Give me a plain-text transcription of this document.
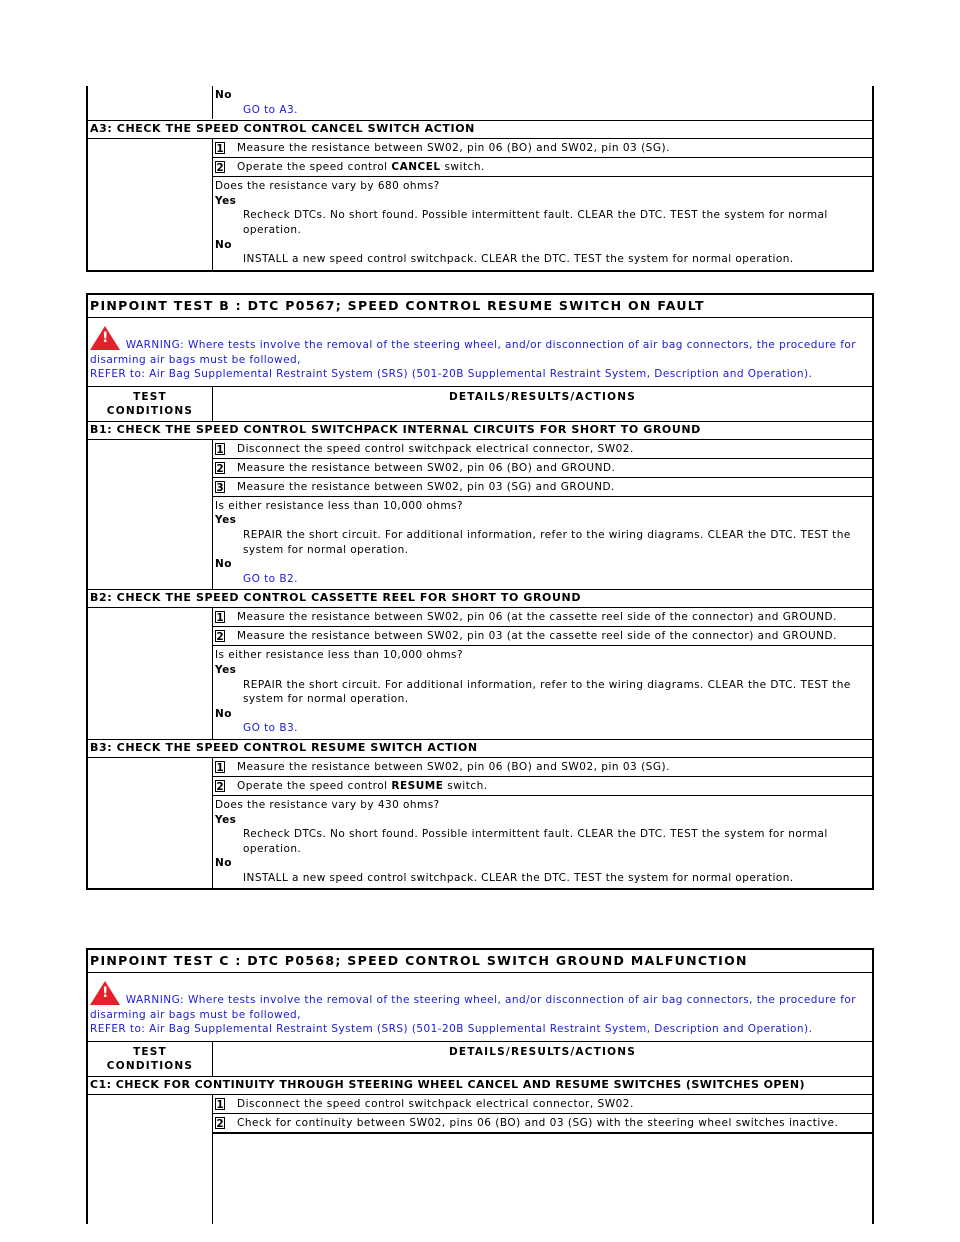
No
GO to A3.
A3: CHECK THE SPEED CONTROL CANCEL SWITCH ACTION
1	Measure the resistance between SW02, pin 06 (BO) and SW02, pin 03 (SG).
2	Operate the speed control CANCEL switch.
Does the resistance vary by 680 ohms?
Yes
Recheck DTCs. No short found. Possible intermittent fault. CLEAR the DTC. TEST the system for normal operation.
No
INSTALL a new speed control switchpack. CLEAR the DTC. TEST the system for normal operation.
PINPOINT TEST B : DTC P0567; SPEED CONTROL RESUME SWITCH ON FAULT
! WARNING: Where tests involve the removal of the steering wheel, and/or disconnection of air bag connectors, the procedure for disarming air bags must be followed,
REFER to: Air Bag Supplemental Restraint System (SRS) (501-20B Supplemental Restraint System, Description and Operation).
TEST CONDITIONS
DETAILS/RESULTS/ACTIONS
B1: CHECK THE SPEED CONTROL SWITCHPACK INTERNAL CIRCUITS FOR SHORT TO GROUND
1	Disconnect the speed control switchpack electrical connector, SW02.
2	Measure the resistance between SW02, pin 06 (BO) and GROUND.
3	Measure the resistance between SW02, pin 03 (SG) and GROUND.
Is either resistance less than 10,000 ohms?
Yes
REPAIR the short circuit. For additional information, refer to the wiring diagrams. CLEAR the DTC. TEST the system for normal operation.
No
GO to B2.
B2: CHECK THE SPEED CONTROL CASSETTE REEL FOR SHORT TO GROUND
1	Measure the resistance between SW02, pin 06 (at the cassette reel side of the connector) and GROUND.
2	Measure the resistance between SW02, pin 03 (at the cassette reel side of the connector) and GROUND.
Is either resistance less than 10,000 ohms?
Yes
REPAIR the short circuit. For additional information, refer to the wiring diagrams. CLEAR the DTC. TEST the system for normal operation.
No
GO to B3.
B3: CHECK THE SPEED CONTROL RESUME SWITCH ACTION
1	Measure the resistance between SW02, pin 06 (BO) and SW02, pin 03 (SG).
2	Operate the speed control RESUME switch.
Does the resistance vary by 430 ohms?
Yes
Recheck DTCs. No short found. Possible intermittent fault. CLEAR the DTC. TEST the system for normal operation.
No
INSTALL a new speed control switchpack. CLEAR the DTC. TEST the system for normal operation.
PINPOINT TEST C : DTC P0568; SPEED CONTROL SWITCH GROUND MALFUNCTION
! WARNING: Where tests involve the removal of the steering wheel, and/or disconnection of air bag connectors, the procedure for disarming air bags must be followed,
REFER to: Air Bag Supplemental Restraint System (SRS) (501-20B Supplemental Restraint System, Description and Operation).
TEST CONDITIONS
DETAILS/RESULTS/ACTIONS
C1: CHECK FOR CONTINUITY THROUGH STEERING WHEEL CANCEL AND RESUME SWITCHES (SWITCHES OPEN)
1	Disconnect the speed control switchpack electrical connector, SW02.
2	Check for continuity between SW02, pins 06 (BO) and 03 (SG) with the steering wheel switches inactive.
